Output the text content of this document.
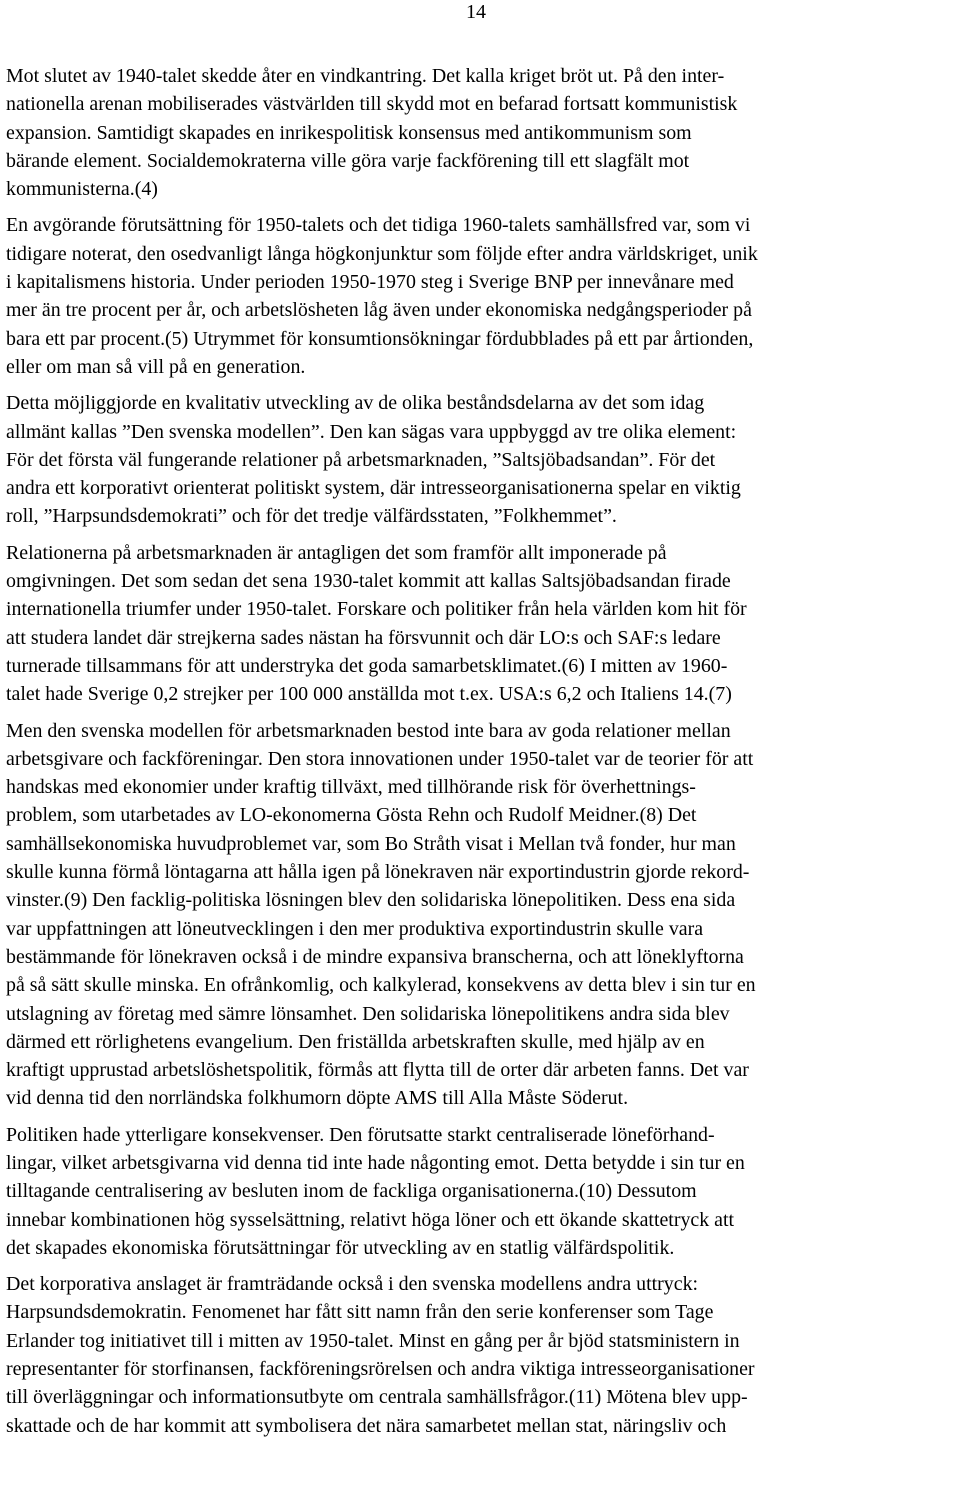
14

Mot slutet av 1940-talet skedde åter en vindkantring. Det kalla kriget bröt ut. På den inter-
nationella arenan mobiliserades västvärlden till skydd mot en befarad fortsatt kommunistisk
expansion. Samtidigt skapades en inrikespolitisk konsensus med antikommunism som
bärande element. Socialdemokraterna ville göra varje fackförening till ett slagfält mot
kommunisterna.(4)

En avgörande förutsättning för 1950-talets och det tidiga 1960-talets samhällsfred var, som vi
tidigare noterat, den osedvanligt långa högkonjunktur som följde efter andra världskriget, unik
i kapitalismens historia. Under perioden 1950-1970 steg i Sverige BNP per innevånare med
mer än tre procent per år, och arbetslösheten låg även under ekonomiska nedgångsperioder på
bara ett par procent.(5) Utrymmet för konsumtionsökningar fördubblades på ett par årtionden,
eller om man så vill på en generation.

Detta möjliggjorde en kvalitativ utveckling av de olika beståndsdelarna av det som idag
allmänt kallas ”Den svenska modellen”. Den kan sägas vara uppbyggd av tre olika element:
För det första väl fungerande relationer på arbetsmarknaden, ”Saltsjöbadsandan”. För det
andra ett korporativt orienterat politiskt system, där intresseorganisationerna spelar en viktig
roll, ”Harpsundsdemokrati” och för det tredje välfärdsstaten, ”Folkhemmet”.

Relationerna på arbetsmarknaden är antagligen det som framför allt imponerade på
omgivningen. Det som sedan det sena 1930-talet kommit att kallas Saltsjöbadsandan firade
internationella triumfer under 1950-talet. Forskare och politiker från hela världen kom hit för
att studera landet där strejkerna sades nästan ha försvunnit och där LO:s och SAF:s ledare
turnerade tillsammans för att understryka det goda samarbetsklimatet.(6) I mitten av 1960-
talet hade Sverige 0,2 strejker per 100 000 anställda mot t.ex. USA:s 6,2 och Italiens 14.(7)

Men den svenska modellen för arbetsmarknaden bestod inte bara av goda relationer mellan
arbetsgivare och fackföreningar. Den stora innovationen under 1950-talet var de teorier för att
handskas med ekonomier under kraftig tillväxt, med tillhörande risk för överhettnings-
problem, som utarbetades av LO-ekonomerna Gösta Rehn och Rudolf Meidner.(8) Det
samhällsekonomiska huvudproblemet var, som Bo Stråth visat i Mellan två fonder, hur man
skulle kunna förmå löntagarna att hålla igen på lönekraven när exportindustrin gjorde rekord-
vinster.(9) Den facklig-politiska lösningen blev den solidariska lönepolitiken. Dess ena sida
var uppfattningen att löneutvecklingen i den mer produktiva exportindustrin skulle vara
bestämmande för lönekraven också i de mindre expansiva branscherna, och att löneklyftorna
på så sätt skulle minska. En ofrånkomlig, och kalkylerad, konsekvens av detta blev i sin tur en
utslagning av företag med sämre lönsamhet. Den solidariska lönepolitikens andra sida blev
därmed ett rörlighetens evangelium. Den friställda arbetskraften skulle, med hjälp av en
kraftigt upprustad arbetslöshetspolitik, förmås att flytta till de orter där arbeten fanns. Det var
vid denna tid den norrländska folkhumorn döpte AMS till Alla Måste Söderut.

Politiken hade ytterligare konsekvenser. Den förutsatte starkt centraliserade löneförhand-
lingar, vilket arbetsgivarna vid denna tid inte hade någonting emot. Detta betydde i sin tur en
tilltagande centralisering av besluten inom de fackliga organisationerna.(10) Dessutom
innebar kombinationen hög sysselsättning, relativt höga löner och ett ökande skattetryck att
det skapades ekonomiska förutsättningar för utveckling av en statlig välfärdspolitik.

Det korporativa anslaget är framträdande också i den svenska modellens andra uttryck:
Harpsundsdemokratin. Fenomenet har fått sitt namn från den serie konferenser som Tage
Erlander tog initiativet till i mitten av 1950-talet. Minst en gång per år bjöd statsministern in
representanter för storfinansen, fackföreningsrörelsen och andra viktiga intresseorganisationer
till överläggningar och informationsutbyte om centrala samhällsfrågor.(11) Mötena blev upp-
skattade och de har kommit att symbolisera det nära samarbetet mellan stat, näringsliv och
